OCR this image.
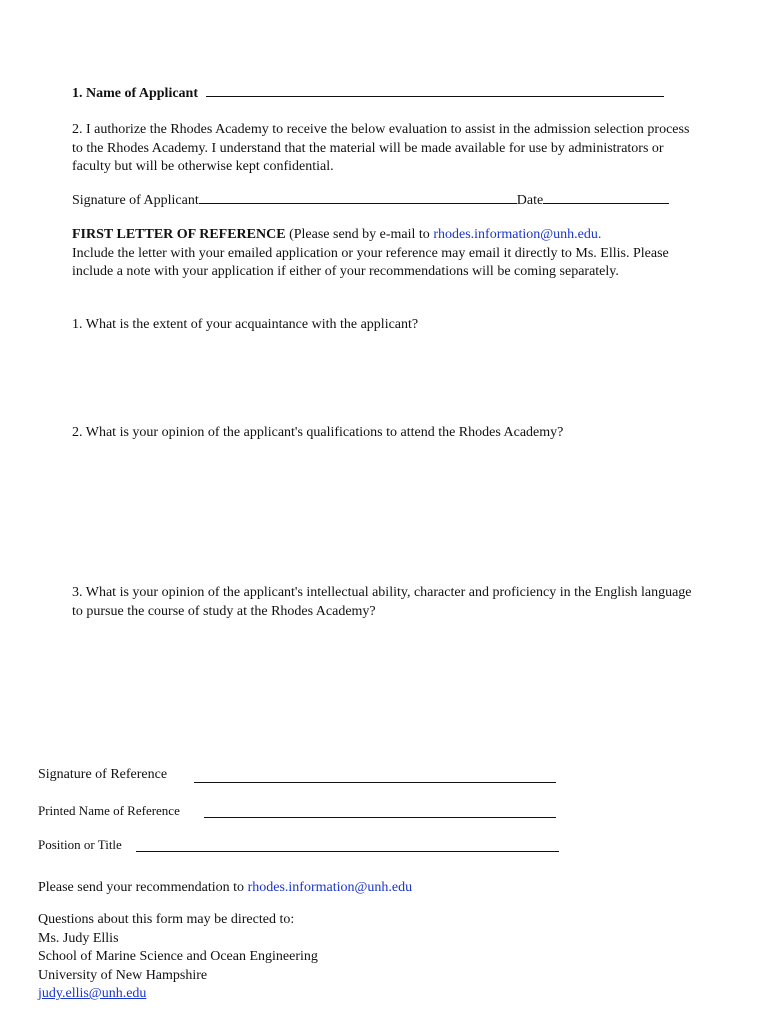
1. Name of Applicant
2. I authorize the Rhodes Academy to receive the below evaluation to assist in the admission selection process to the Rhodes Academy. I understand that the material will be made available for use by administrators or faculty but will be otherwise kept confidential.
Signature of Applicant	Date
FIRST LETTER OF REFERENCE (Please send by e-mail to rhodes.information@unh.edu.
Include the letter with your emailed application or your reference may email it directly to Ms. Ellis. Please include a note with your application if either of your recommendations will be coming separately.
1. What is the extent of your acquaintance with the applicant?
2. What is your opinion of the applicant's qualifications to attend the Rhodes Academy?
3. What is your opinion of the applicant's intellectual ability, character and proficiency in the English language to pursue the course of study at the Rhodes Academy?
Signature of Reference
Printed Name of Reference
Position or Title
Please send your recommendation to rhodes.information@unh.edu
Questions about this form may be directed to:
Ms. Judy Ellis
School of Marine Science and Ocean Engineering
University of New Hampshire
judy.ellis@unh.edu
